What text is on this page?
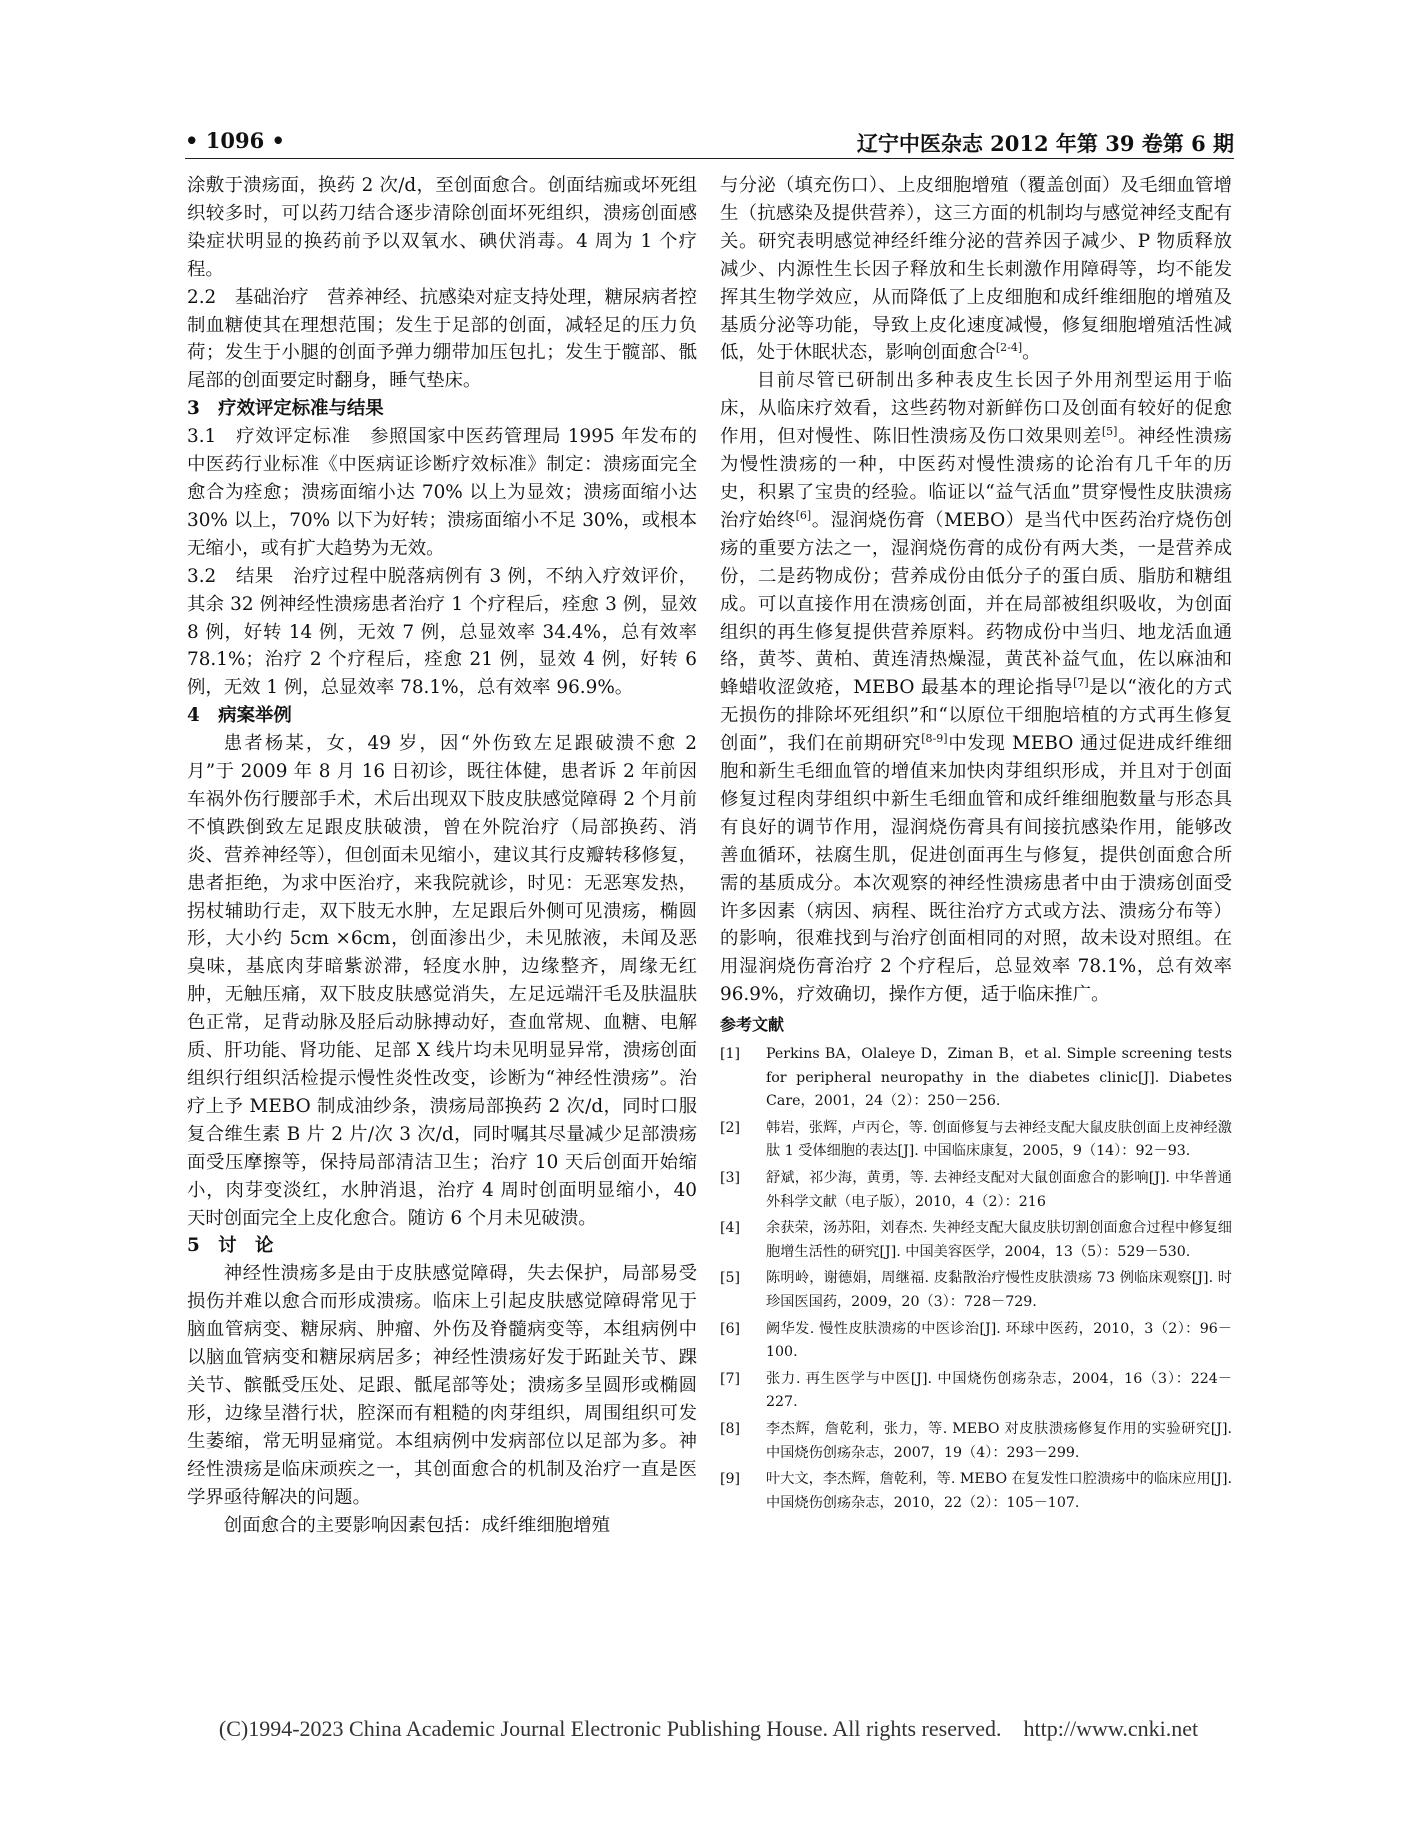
• 1096 •	辽宁中医杂志 2012 年第 39 卷第 6 期

涂敷于溃疡面，换药 2 次/d，至创面愈合。创面结痂或坏死组织较多时，可以药刀结合逐步清除创面坏死组织，溃疡创面感染症状明显的换药前予以双氧水、碘伏消毒。4 周为 1 个疗程。

2.2　基础治疗　营养神经、抗感染对症支持处理，糖尿病者控制血糖使其在理想范围；发生于足部的创面，减轻足的压力负荷；发生于小腿的创面予弹力绷带加压包扎；发生于髋部、骶尾部的创面要定时翻身，睡气垫床。

3　疗效评定标准与结果

3.1　疗效评定标准　参照国家中医药管理局 1995 年发布的中医药行业标准《中医病证诊断疗效标准》制定：溃疡面完全愈合为痊愈；溃疡面缩小达 70% 以上为显效；溃疡面缩小达 30% 以上，70% 以下为好转；溃疡面缩小不足 30%，或根本无缩小，或有扩大趋势为无效。

3.2　结果　治疗过程中脱落病例有 3 例，不纳入疗效评价，其余 32 例神经性溃疡患者治疗 1 个疗程后，痊愈 3 例，显效 8 例，好转 14 例，无效 7 例，总显效率 34.4%，总有效率 78.1%；治疗 2 个疗程后，痊愈 21 例，显效 4 例，好转 6 例，无效 1 例，总显效率 78.1%，总有效率 96.9%。

4　病案举例

患者杨某，女，49 岁，因“外伤致左足跟破溃不愈 2 月”于 2009 年 8 月 16 日初诊，既往体健，患者诉 2 年前因车祸外伤行腰部手术，术后出现双下肢皮肤感觉障碍 2 个月前不慎跌倒致左足跟皮肤破溃，曾在外院治疗（局部换药、消炎、营养神经等），但创面未见缩小，建议其行皮瓣转移修复，患者拒绝，为求中医治疗，来我院就诊，时见：无恶寒发热，拐杖辅助行走，双下肢无水肿，左足跟后外侧可见溃疡，椭圆形，大小约 5cm ×6cm，创面渗出少，未见脓液，未闻及恶臭味，基底肉芽暗紫淤滞，轻度水肿，边缘整齐，周缘无红肿，无触压痛，双下肢皮肤感觉消失，左足远端汗毛及肤温肤色正常，足背动脉及胫后动脉搏动好，查血常规、血糖、电解质、肝功能、肾功能、足部 X 线片均未见明显异常，溃疡创面组织行组织活检提示慢性炎性改变，诊断为“神经性溃疡”。治疗上予 MEBO 制成油纱条，溃疡局部换药 2 次/d，同时口服复合维生素 B 片 2 片/次 3 次/d，同时嘱其尽量减少足部溃疡面受压摩擦等，保持局部清洁卫生；治疗 10 天后创面开始缩小，肉芽变淡红，水肿消退，治疗 4 周时创面明显缩小，40 天时创面完全上皮化愈合。随访 6 个月未见破溃。

5　讨　论

神经性溃疡多是由于皮肤感觉障碍，失去保护，局部易受损伤并难以愈合而形成溃疡。临床上引起皮肤感觉障碍常见于脑血管病变、糖尿病、肿瘤、外伤及脊髓病变等，本组病例中以脑血管病变和糖尿病居多；神经性溃疡好发于跖趾关节、踝关节、髌骶受压处、足跟、骶尾部等处；溃疡多呈圆形或椭圆形，边缘呈潜行状，腔深而有粗糙的肉芽组织，周围组织可发生萎缩，常无明显痛觉。本组病例中发病部位以足部为多。神经性溃疡是临床顽疾之一，其创面愈合的机制及治疗一直是医学界亟待解决的问题。

创面愈合的主要影响因素包括：成纤维细胞增殖

与分泌（填充伤口）、上皮细胞增殖（覆盖创面）及毛细血管增生（抗感染及提供营养），这三方面的机制均与感觉神经支配有关。研究表明感觉神经纤维分泌的营养因子减少、P 物质释放减少、内源性生长因子释放和生长刺激作用障碍等，均不能发挥其生物学效应，从而降低了上皮细胞和成纤维细胞的增殖及基质分泌等功能，导致上皮化速度减慢，修复细胞增殖活性减低，处于休眠状态，影响创面愈合[2-4]。

目前尽管已研制出多种表皮生长因子外用剂型运用于临床，从临床疗效看，这些药物对新鲜伤口及创面有较好的促愈作用，但对慢性、陈旧性溃疡及伤口效果则差[5]。神经性溃疡为慢性溃疡的一种，中医药对慢性溃疡的论治有几千年的历史，积累了宝贵的经验。临证以“益气活血”贯穿慢性皮肤溃疡治疗始终[6]。湿润烧伤膏（MEBO）是当代中医药治疗烧伤创疡的重要方法之一，湿润烧伤膏的成份有两大类，一是营养成份，二是药物成份；营养成份由低分子的蛋白质、脂肪和糖组成。可以直接作用在溃疡创面，并在局部被组织吸收，为创面组织的再生修复提供营养原料。药物成份中当归、地龙活血通络，黄芩、黄柏、黄连清热燥湿，黄芪补益气血，佐以麻油和蜂蜡收涩敛疮，MEBO 最基本的理论指导[7]是以“液化的方式无损伤的排除坏死组织”和“以原位干细胞培植的方式再生修复创面”，我们在前期研究[8-9]中发现 MEBO 通过促进成纤维细胞和新生毛细血管的增值来加快肉芽组织形成，并且对于创面修复过程肉芽组织中新生毛细血管和成纤维细胞数量与形态具有良好的调节作用，湿润烧伤膏具有间接抗感染作用，能够改善血循环，祛腐生肌，促进创面再生与修复，提供创面愈合所需的基质成分。本次观察的神经性溃疡患者中由于溃疡创面受许多因素（病因、病程、既往治疗方式或方法、溃疡分布等）的影响，很难找到与治疗创面相同的对照，故未设对照组。在用湿润烧伤膏治疗 2 个疗程后，总显效率 78.1%，总有效率 96.9%，疗效确切，操作方便，适于临床推广。

参考文献
[1]	Perkins BA，Olaleye D，Ziman B，et al. Simple screening tests for peripheral neuropathy in the diabetes clinic[J]. Diabetes Care，2001，24（2）：250－256.
[2]	韩岩，张辉，卢丙仑，等. 创面修复与去神经支配大鼠皮肤创面上皮神经激肽 1 受体细胞的表达[J]. 中国临床康复，2005，9（14）：92－93.
[3]	舒斌，祁少海，黄勇，等. 去神经支配对大鼠创面愈合的影响[J]. 中华普通外科学文献（电子版），2010，4（2）：216
[4]	余获荣，汤苏阳，刘春杰. 失神经支配大鼠皮肤切割创面愈合过程中修复细胞增生活性的研究[J]. 中国美容医学，2004，13（5）：529－530.
[5]	陈明岭，谢德娟，周继福. 皮黏散治疗慢性皮肤溃疡 73 例临床观察[J]. 时珍国医国药，2009，20（3）：728－729.
[6]	阙华发. 慢性皮肤溃疡的中医诊治[J]. 环球中医药，2010，3（2）：96－100.
[7]	张力. 再生医学与中医[J]. 中国烧伤创疡杂志，2004，16（3）：224－227.
[8]	李杰辉，詹乾利，张力，等. MEBO 对皮肤溃疡修复作用的实验研究[J]. 中国烧伤创疡杂志，2007，19（4）：293－299.
[9]	叶大文，李杰辉，詹乾利，等. MEBO 在复发性口腔溃疡中的临床应用[J]. 中国烧伤创疡杂志，2010，22（2）：105－107.
(C)1994-2023 China Academic Journal Electronic Publishing House. All rights reserved.　http://www.cnki.net
